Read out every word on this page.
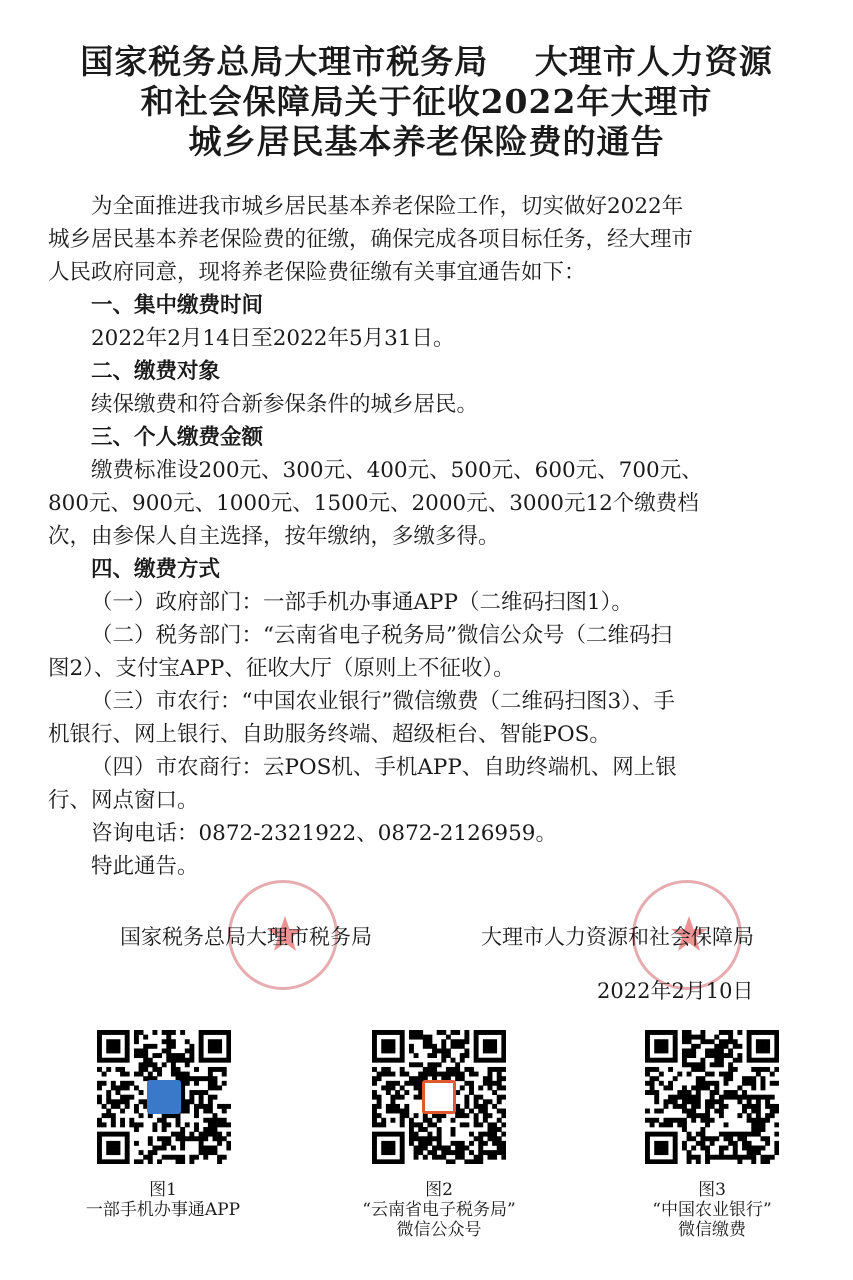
国家税务总局大理市税务局　 大理市人力资源
和社会保障局关于征收2022年大理市
城乡居民基本养老保险费的通告
为全面推进我市城乡居民基本养老保险工作，切实做好2022年
城乡居民基本养老保险费的征缴，确保完成各项目标任务，经大理市
人民政府同意，现将养老保险费征缴有关事宜通告如下：
一、集中缴费时间
2022年2月14日至2022年5月31日。
二、缴费对象
续保缴费和符合新参保条件的城乡居民。
三、个人缴费金额
缴费标准设200元、300元、400元、500元、600元、700元、
800元、900元、1000元、1500元、2000元、3000元12个缴费档
次，由参保人自主选择，按年缴纳，多缴多得。
四、缴费方式
（一）政府部门：一部手机办事通APP（二维码扫图1）。
（二）税务部门：“云南省电子税务局”微信公众号（二维码扫
图2）、支付宝APP、征收大厅（原则上不征收）。
（三）市农行：“中国农业银行”微信缴费（二维码扫图3）、手
机银行、网上银行、自助服务终端、超级柜台、智能POS。
（四）市农商行：云POS机、手机APP、自助终端机、网上银
行、网点窗口。
咨询电话：0872-2321922、0872-2126959。
特此通告。
国家税务总局大理市税务局	大理市人力资源和社会保障局
2022年2月10日
图1
一部手机办事通APP
图2
“云南省电子税务局”
微信公众号
图3
“中国农业银行”
微信缴费
